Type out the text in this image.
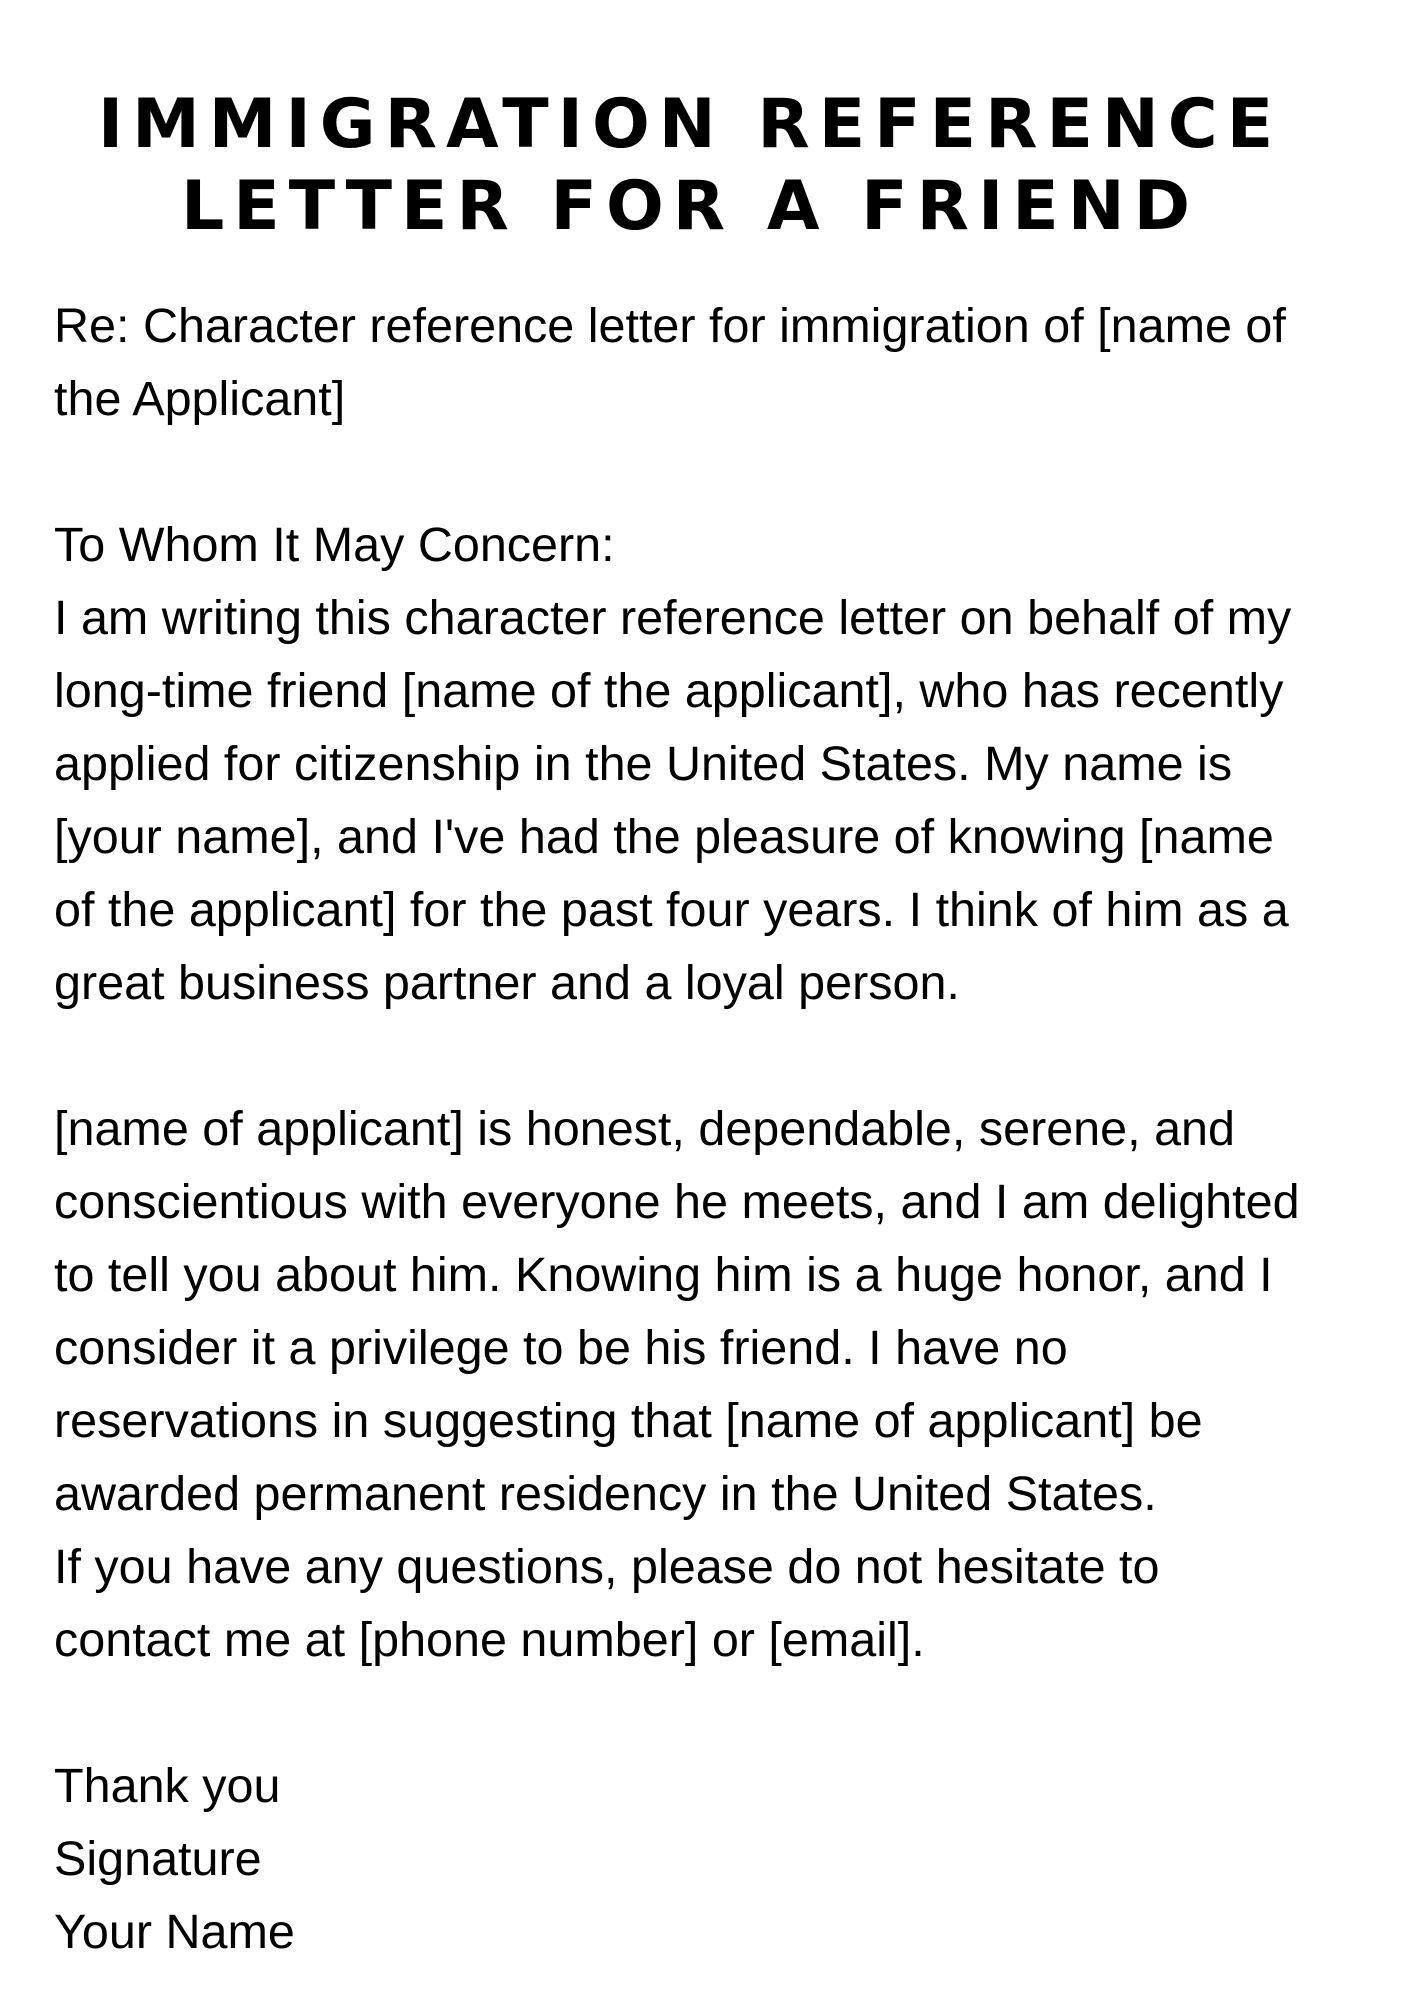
IMMIGRATION REFERENCE
LETTER FOR A FRIEND
Re: Character reference letter for immigration of [name of
the Applicant]
To Whom It May Concern:
I am writing this character reference letter on behalf of my
long-time friend [name of the applicant], who has recently
applied for citizenship in the United States. My name is
[your name], and I've had the pleasure of knowing [name
of the applicant] for the past four years. I think of him as a
great business partner and a loyal person.
[name of applicant] is honest, dependable, serene, and
conscientious with everyone he meets, and I am delighted
to tell you about him. Knowing him is a huge honor, and I
consider it a privilege to be his friend. I have no
reservations in suggesting that [name of applicant] be
awarded permanent residency in the United States.
If you have any questions, please do not hesitate to
contact me at [phone number] or [email].
Thank you
Signature
Your Name
